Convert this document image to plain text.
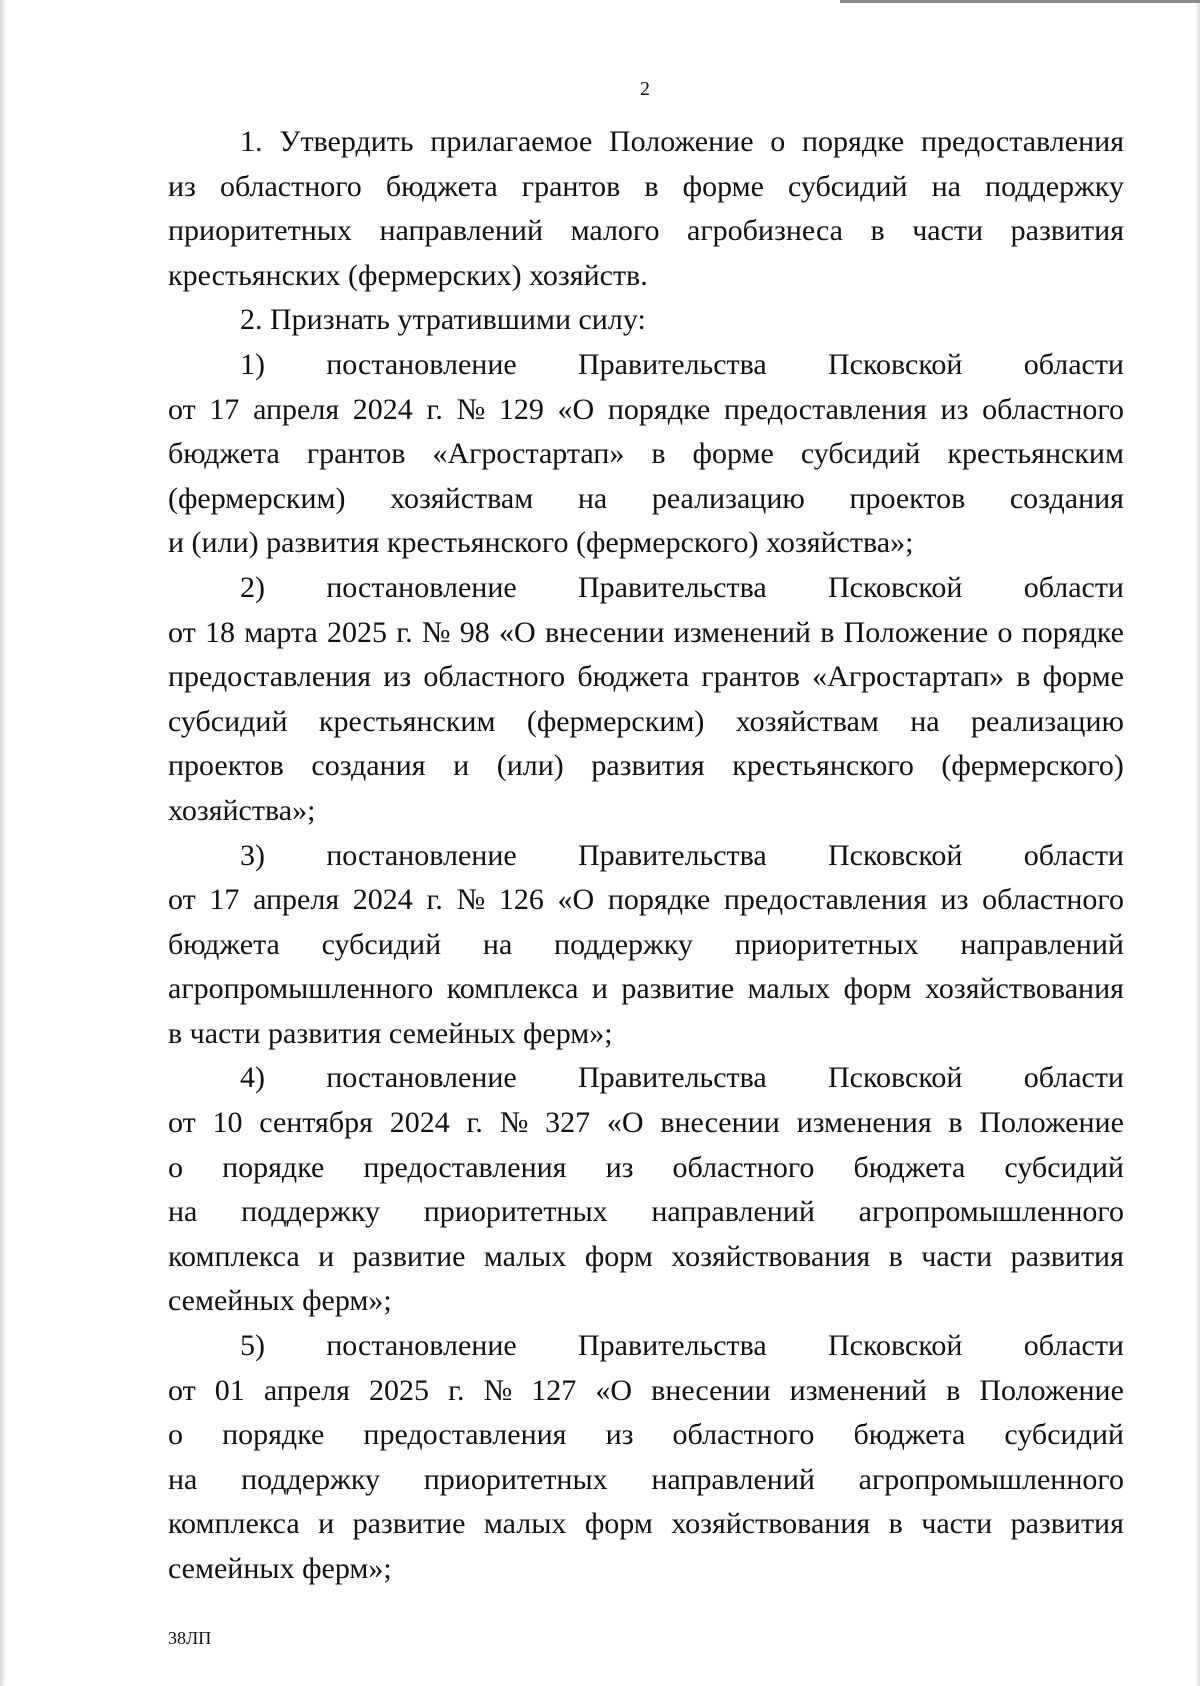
2
1. Утвердить прилагаемое Положение о порядке предоставления
из областного бюджета грантов в форме субсидий на поддержку
приоритетных направлений малого агробизнеса в части развития
крестьянских (фермерских) хозяйств.
2. Признать утратившими силу:
1) постановление Правительства Псковской области
от 17 апреля 2024 г. № 129 «О порядке предоставления из областного
бюджета грантов «Агростартап» в форме субсидий крестьянским
(фермерским) хозяйствам на реализацию проектов создания
и (или) развития крестьянского (фермерского) хозяйства»;
2) постановление Правительства Псковской области
от 18 марта 2025 г. № 98 «О внесении изменений в Положение о порядке
предоставления из областного бюджета грантов «Агростартап» в форме
субсидий крестьянским (фермерским) хозяйствам на реализацию
проектов создания и (или) развития крестьянского (фермерского)
хозяйства»;
3) постановление Правительства Псковской области
от 17 апреля 2024 г. № 126 «О порядке предоставления из областного
бюджета субсидий на поддержку приоритетных направлений
агропромышленного комплекса и развитие малых форм хозяйствования
в части развития семейных ферм»;
4) постановление Правительства Псковской области
от 10 сентября 2024 г. № 327 «О внесении изменения в Положение
о порядке предоставления из областного бюджета субсидий
на поддержку приоритетных направлений агропромышленного
комплекса и развитие малых форм хозяйствования в части развития
семейных ферм»;
5) постановление Правительства Псковской области
от 01 апреля 2025 г. № 127 «О внесении изменений в Положение
о порядке предоставления из областного бюджета субсидий
на поддержку приоритетных направлений агропромышленного
комплекса и развитие малых форм хозяйствования в части развития
семейных ферм»;
38ЛП
